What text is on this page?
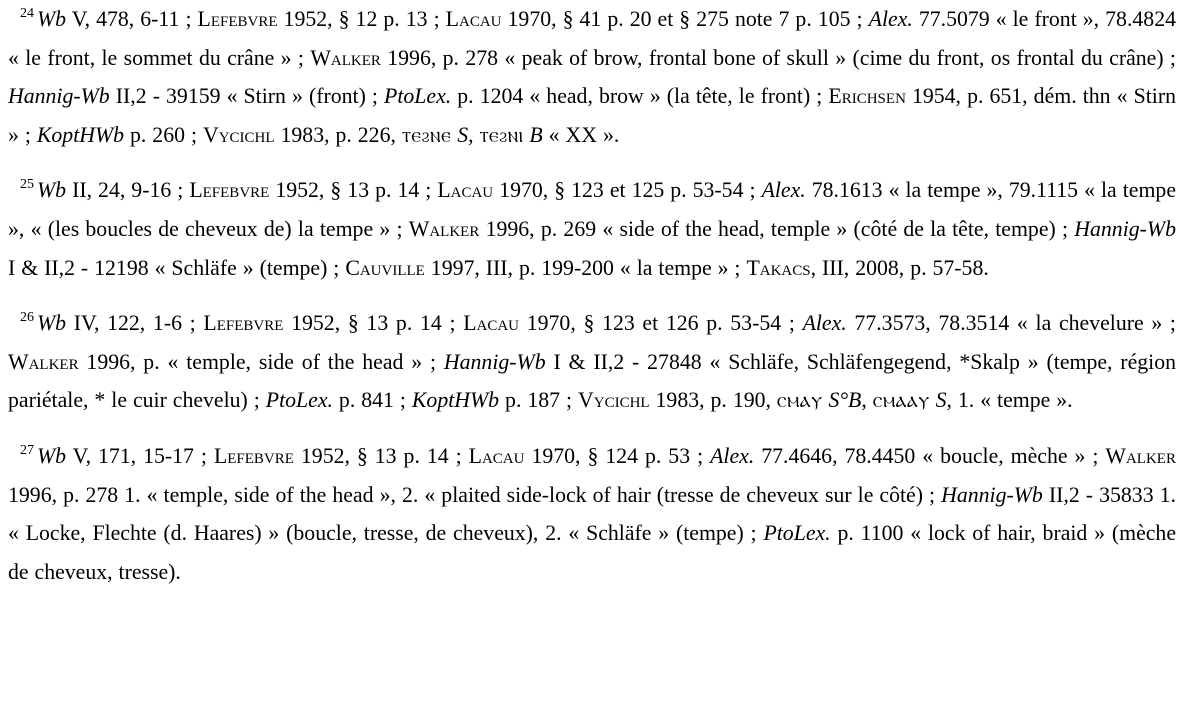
$^{24}$ Wb V, 478, 6-11 ; Lefebvre 1952, § 12 p. 13 ; Lacau 1970, § 41 p. 20 et § 275 note 7 p. 105 ; Alex. 77.5079 « le front », 78.4824 « le front, le sommet du crâne » ; Walker 1996, p. 278 « peak of brow, frontal bone of skull » (cime du front, os frontal du crâne) ; Hannig-Wb II,2 - 39159 « Stirn » (front) ; PtoLex. p. 1204 « head, brow » (la tête, le front) ; Erichsen 1954, p. 651, dém. thn « Stirn » ; KoptHWb p. 260 ; Vycichl 1983, p. 226, ⲧⲉϩⲛⲉ S, ⲧⲉϩⲛⲓ B « XX ».

$^{25}$ Wb II, 24, 9-16 ; Lefebvre 1952, § 13 p. 14 ; Lacau 1970, § 123 et 125 p. 53-54 ; Alex. 78.1613 « la tempe », 79.1115 « la tempe », « (les boucles de cheveux de) la tempe » ; Walker 1996, p. 269 « side of the head, temple » (côté de la tête, tempe) ; Hannig-Wb I & II,2 - 12198 « Schläfe » (tempe) ; Cauville 1997, III, p. 199-200 « la tempe » ; Takacs, III, 2008, p. 57-58.

$^{26}$ Wb IV, 122, 1-6 ; Lefebvre 1952, § 13 p. 14 ; Lacau 1970, § 123 et 126 p. 53-54 ; Alex. 77.3573, 78.3514 « la chevelure » ; Walker 1996, p. « temple, side of the head » ; Hannig-Wb I & II,2 - 27848 « Schläfe, Schläfengegend, *Skalp » (tempe, région pariétale, * le cuir chevelu) ; PtoLex. p. 841 ; KoptHWb p. 187 ; Vycichl 1983, p. 190, ⲥⲙⲁⲩ S°B, ⲥⲙⲁⲁⲩ S, 1. « tempe ».

$^{27}$ Wb V, 171, 15-17 ; Lefebvre 1952, § 13 p. 14 ; Lacau 1970, § 124 p. 53 ; Alex. 77.4646, 78.4450 « boucle, mèche » ; Walker 1996, p. 278 1. « temple, side of the head », 2. « plaited side-lock of hair (tresse de cheveux sur le côté) ; Hannig-Wb II,2 - 35833 1. « Locke, Flechte (d. Haares) » (boucle, tresse, de cheveux), 2. « Schläfe » (tempe) ; PtoLex. p. 1100 « lock of hair, braid » (mèche de cheveux, tresse).
